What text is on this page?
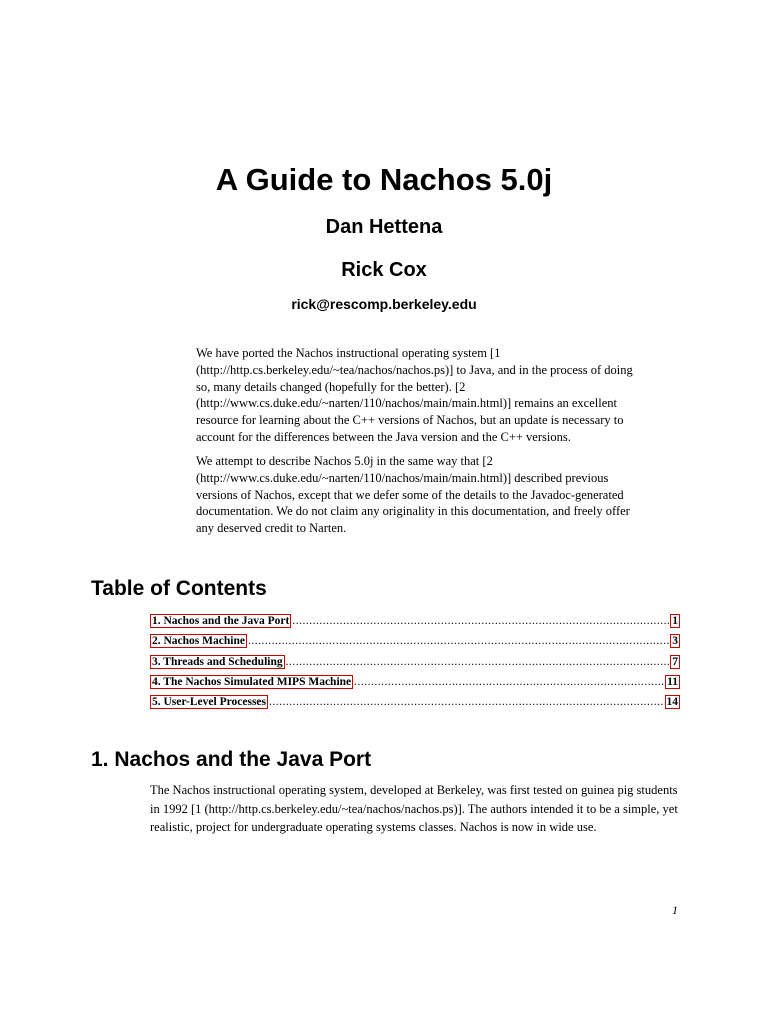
A Guide to Nachos 5.0j
Dan Hettena
Rick Cox

rick@rescomp.berkeley.edu

We have ported the Nachos instructional operating system [1 (http://http.cs.berkeley.edu/~tea/nachos/nachos.ps)] to Java, and in the process of doing so, many details changed (hopefully for the better). [2 (http://www.cs.duke.edu/~narten/110/nachos/main/main.html)] remains an excellent resource for learning about the C++ versions of Nachos, but an update is necessary to account for the differences between the Java version and the C++ versions.

We attempt to describe Nachos 5.0j in the same way that [2 (http://www.cs.duke.edu/~narten/110/nachos/main/main.html)] described previous versions of Nachos, except that we defer some of the details to the Javadoc-generated documentation. We do not claim any originality in this documentation, and freely offer any deserved credit to Narten.

Table of Contents
1. Nachos and the Java Port .....	1
2. Nachos Machine .....	3
3. Threads and Scheduling .....	7
4. The Nachos Simulated MIPS Machine .....	11
5. User-Level Processes .....	14
1. Nachos and the Java Port

The Nachos instructional operating system, developed at Berkeley, was first tested on guinea pig students in 1992 [1 (http://http.cs.berkeley.edu/~tea/nachos/nachos.ps)]. The authors intended it to be a simple, yet realistic, project for undergraduate operating systems classes. Nachos is now in wide use.

1
